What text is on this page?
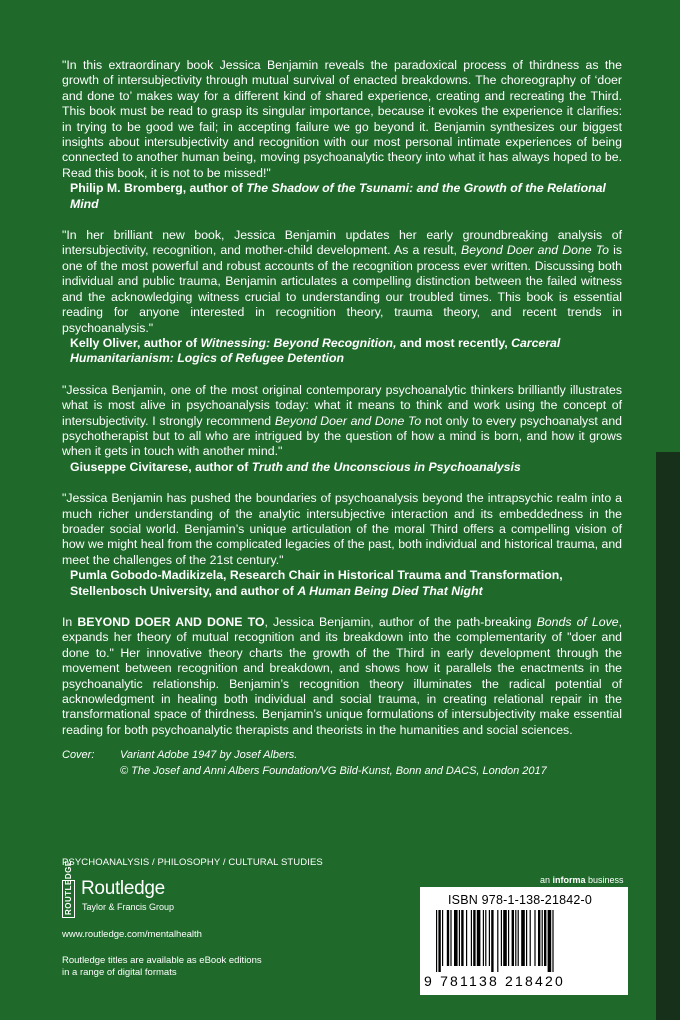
"In this extraordinary book Jessica Benjamin reveals the paradoxical process of thirdness as the growth of intersubjectivity through mutual survival of enacted breakdowns. The choreography of ‘doer and done to’ makes way for a different kind of shared experience, creating and recreating the Third. This book must be read to grasp its singular importance, because it evokes the experience it clarifies: in trying to be good we fail; in accepting failure we go beyond it. Benjamin synthesizes our biggest insights about intersubjectivity and recognition with our most personal intimate experiences of being connected to another human being, moving psychoanalytic theory into what it has always hoped to be. Read this book, it is not to be missed!"
Philip M. Bromberg, author of The Shadow of the Tsunami: and the Growth of the Relational Mind
"In her brilliant new book, Jessica Benjamin updates her early groundbreaking analysis of intersubjectivity, recognition, and mother-child development. As a result, Beyond Doer and Done To is one of the most powerful and robust accounts of the recognition process ever written. Discussing both individual and public trauma, Benjamin articulates a compelling distinction between the failed witness and the acknowledging witness crucial to understanding our troubled times. This book is essential reading for anyone interested in recognition theory, trauma theory, and recent trends in psychoanalysis."
Kelly Oliver, author of Witnessing: Beyond Recognition, and most recently, Carceral Humanitarianism: Logics of Refugee Detention
"Jessica Benjamin, one of the most original contemporary psychoanalytic thinkers brilliantly illustrates what is most alive in psychoanalysis today: what it means to think and work using the concept of intersubjectivity. I strongly recommend Beyond Doer and Done To not only to every psychoanalyst and psychotherapist but to all who are intrigued by the question of how a mind is born, and how it grows when it gets in touch with another mind."
Giuseppe Civitarese, author of Truth and the Unconscious in Psychoanalysis
"Jessica Benjamin has pushed the boundaries of psychoanalysis beyond the intrapsychic realm into a much richer understanding of the analytic intersubjective interaction and its embeddedness in the broader social world. Benjamin’s unique articulation of the moral Third offers a compelling vision of how we might heal from the complicated legacies of the past, both individual and historical trauma, and meet the challenges of the 21st century."
Pumla Gobodo-Madikizela, Research Chair in Historical Trauma and Transformation, Stellenbosch University, and author of A Human Being Died That Night
In BEYOND DOER AND DONE TO, Jessica Benjamin, author of the path-breaking Bonds of Love, expands her theory of mutual recognition and its breakdown into the complementarity of "doer and done to." Her innovative theory charts the growth of the Third in early development through the movement between recognition and breakdown, and shows how it parallels the enactments in the psychoanalytic relationship. Benjamin’s recognition theory illuminates the radical potential of acknowledgment in healing both individual and social trauma, in creating relational repair in the transformational space of thirdness. Benjamin’s unique formulations of intersubjectivity make essential reading for both psychoanalytic therapists and theorists in the humanities and social sciences.
Cover: Variant Adobe 1947 by Josef Albers.
© The Josef and Anni Albers Foundation/VG Bild-Kunst, Bonn and DACS, London 2017
PSYCHOANALYSIS / PHILOSOPHY / CULTURAL STUDIES
ROUTLEDGE Routledge
Taylor & Francis Group
www.routledge.com/mentalhealth
Routledge titles are available as eBook editions in a range of digital formats
an informa business
ISBN 978-1-138-21842-0
9 781138 218420
